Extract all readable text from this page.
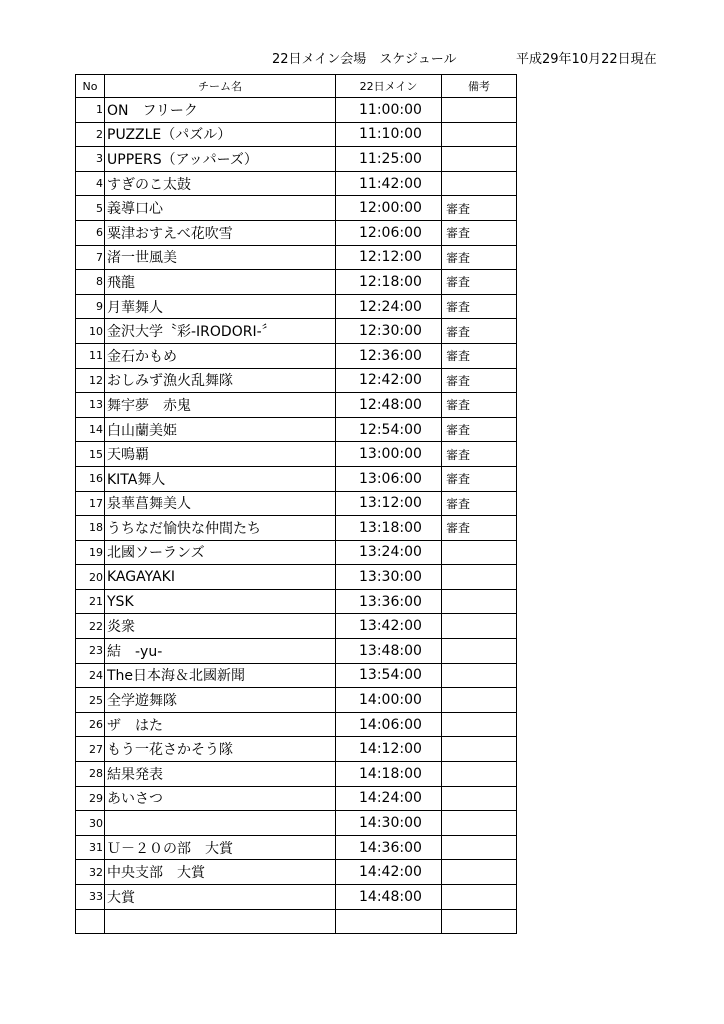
22日メイン会場　スケジュール	平成29年10月22日現在
No	チーム名	22日メイン	備考
1	ON　フリーク	11:00:00	
2	PUZZLE（パズル）	11:10:00	
3	UPPERS（アッパーズ）	11:25:00	
4	すぎのこ太鼓	11:42:00	
5	義導口心	12:00:00	審査
6	粟津おすえべ花吹雪	12:06:00	審査
7	渚一世風美	12:12:00	審査
8	飛龍	12:18:00	審査
9	月華舞人	12:24:00	審査
10	金沢大学〝彩-IRODORI-〞	12:30:00	審査
11	金石かもめ	12:36:00	審査
12	おしみず漁火乱舞隊	12:42:00	審査
13	舞宇夢　赤鬼	12:48:00	審査
14	白山蘭美姫	12:54:00	審査
15	天鳴覇	13:00:00	審査
16	KITA舞人	13:06:00	審査
17	泉華菖舞美人	13:12:00	審査
18	うちなだ愉快な仲間たち	13:18:00	審査
19	北國ソーランズ	13:24:00	
20	KAGAYAKI	13:30:00	
21	YSK	13:36:00	
22	炎衆	13:42:00	
23	結　-yu-	13:48:00	
24	The日本海＆北國新聞	13:54:00	
25	全学遊舞隊	14:00:00	
26	ザ　はた	14:06:00	
27	もう一花さかそう隊	14:12:00	
28	結果発表	14:18:00	
29	あいさつ	14:24:00	
30		14:30:00	
31	Ｕ－２０の部　大賞	14:36:00	
32	中央支部　大賞	14:42:00	
33	大賞	14:48:00	
